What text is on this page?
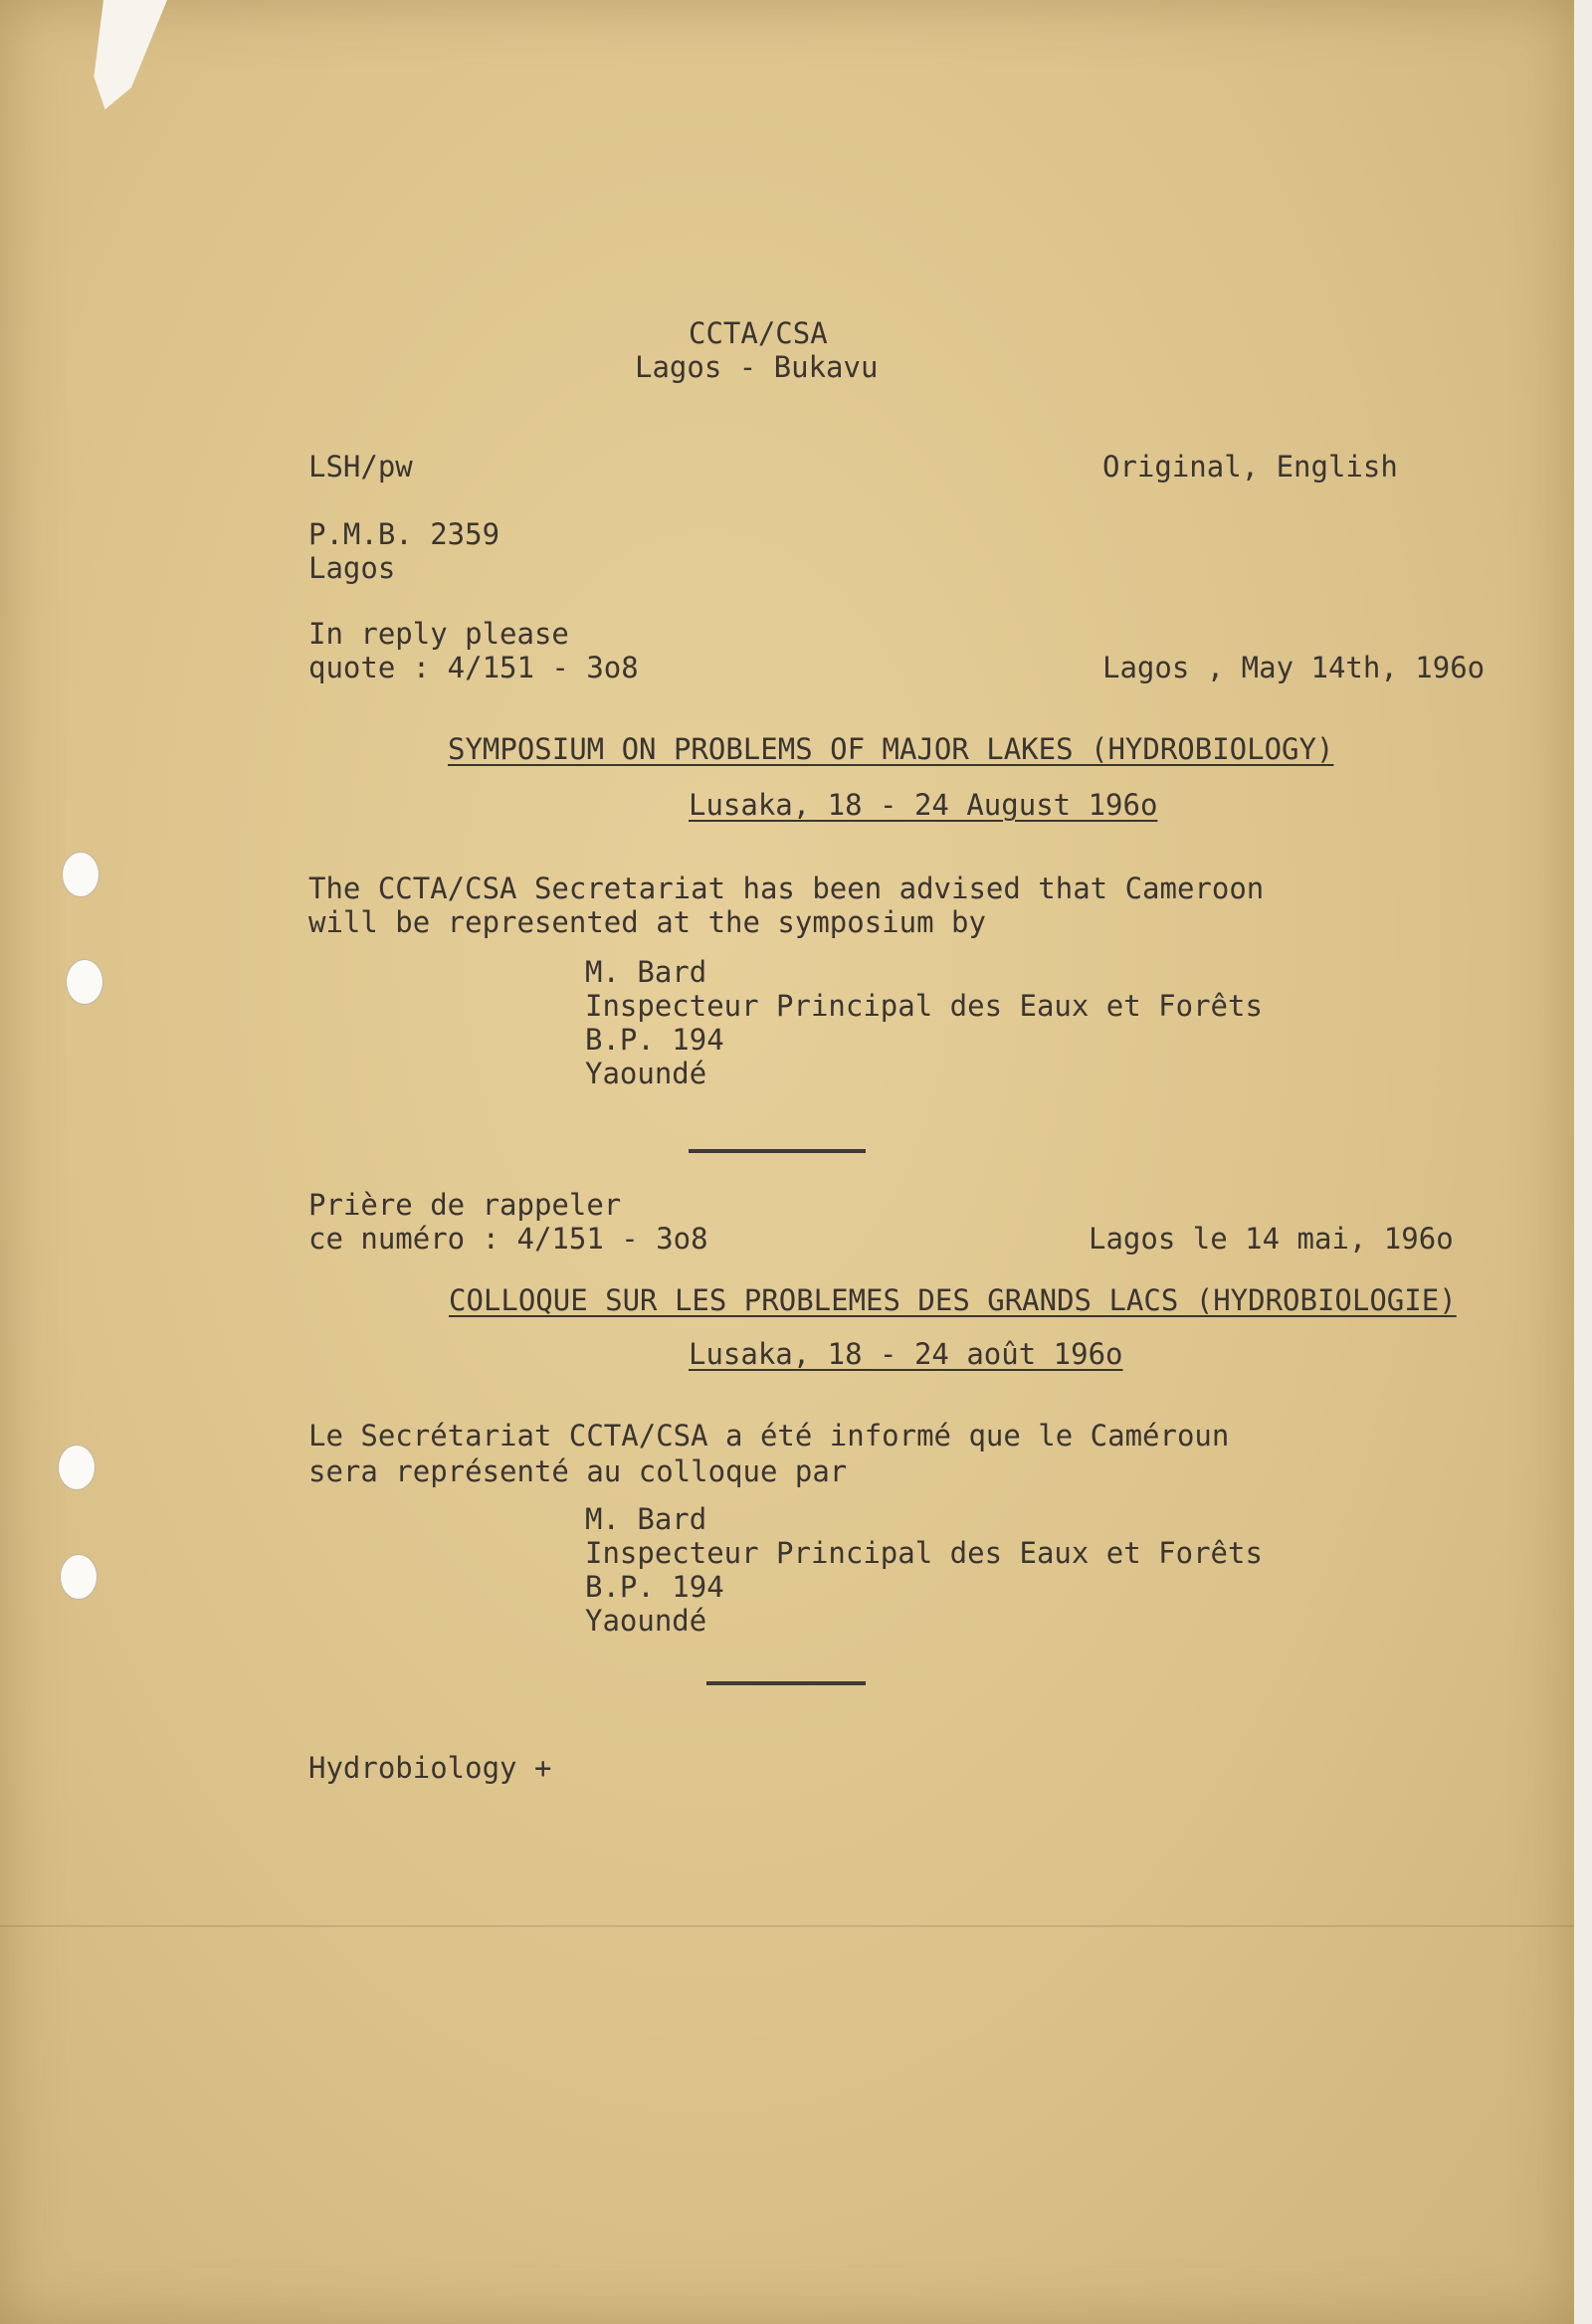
CCTA/CSA
Lagos - Bukavu
LSH/pw	Original, English
P.M.B. 2359
Lagos
In reply please
quote : 4/151 - 3o8	Lagos , May 14th, 196o
SYMPOSIUM ON PROBLEMS OF MAJOR LAKES (HYDROBIOLOGY)
Lusaka, 18 - 24 August 196o
The CCTA/CSA Secretariat has been advised that Cameroon
will be represented at the symposium by
M. Bard
Inspecteur Principal des Eaux et Forêts
B.P. 194
Yaoundé
Prière de rappeler
ce numéro : 4/151 - 3o8	Lagos le 14 mai, 196o
COLLOQUE SUR LES PROBLEMES DES GRANDS LACS (HYDROBIOLOGIE)
Lusaka, 18 - 24 août 196o
Le Secrétariat CCTA/CSA a été informé que le Caméroun
sera représenté au colloque par
M. Bard
Inspecteur Principal des Eaux et Forêts
B.P. 194
Yaoundé
Hydrobiology +
